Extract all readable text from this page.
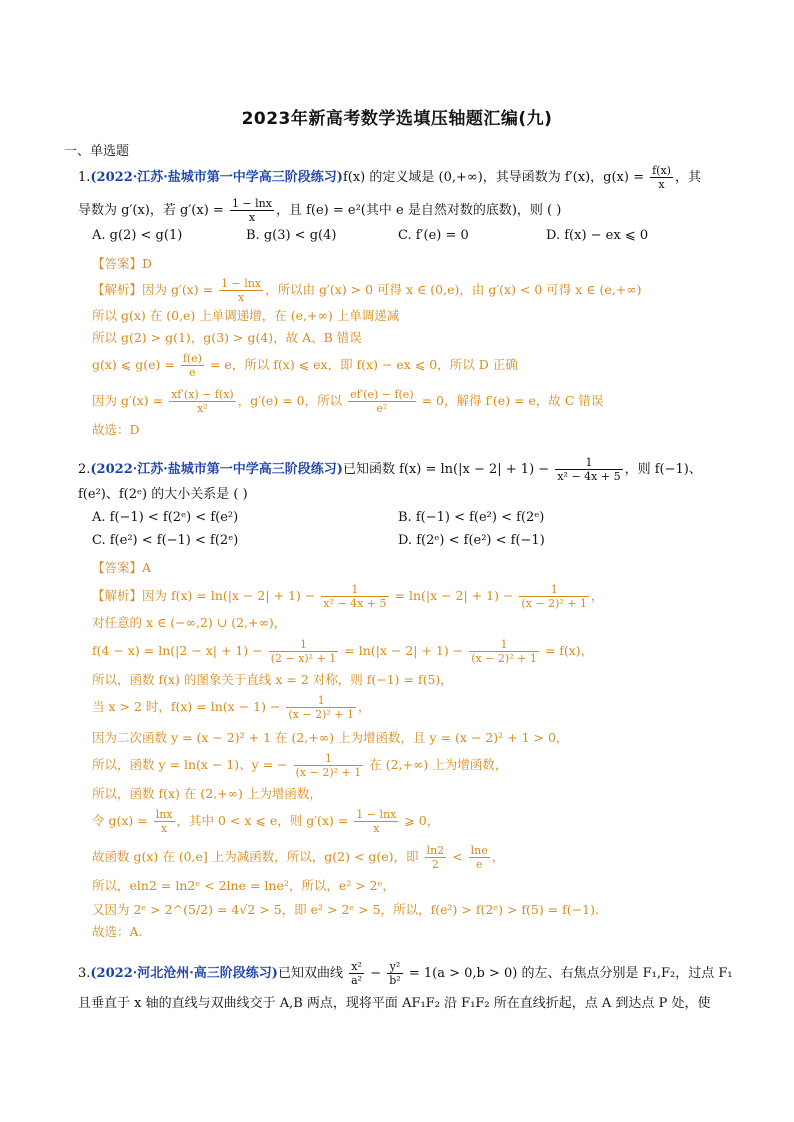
2023年新高考数学选填压轴题汇编(九)
一、单选题
1.(2022·江苏·盐城市第一中学高三阶段练习)f(x) 的定义域是 (0,+∞)，其导函数为 f′(x)，$g(x) = \frac{f(x)}{x}$ ，其
导数为 g′(x)，若 $g'(x) = \frac{1 - \ln x}{x}$ ，且 f(e) = e²(其中 e 是自然对数的底数)，则 ( )
A. g(2) < g(1)	B. g(3) < g(4)	C. f′(e) = 0	D. f(x) − ex ⩽ 0
【答案】D
【解析】因为 $g'(x) = \frac{1 - \ln x}{x}$ ，所以由 g′(x) > 0 可得 x ∈ (0,e)，由 g′(x) < 0 可得 x ∈ (e,+∞)
所以 g(x) 在 (0,e) 上单调递增，在 (e,+∞) 上单调递减
所以 g(2) > g(1)，g(3) > g(4)，故 A、B 错误
g(x) ⩽ $g(e) = \frac{f(e)}{e} = e$，所以 f(x) ⩽ ex，即 f(x) − ex ⩽ 0，所以 D 正确
因为 $g'(x) = \frac{xf'(x) - f(x)}{\text{x²}}$ ，g′(e) = 0，所以 $\frac{ef'(e) - f(e)}{\text{e²}} = 0$，解得 f′(e) = e，故 C 错误
故选：D
2.(2022·江苏·盐城市第一中学高三阶段练习)已知函数 $f(x) = \ln(|x - 2| + 1) - \frac{1}{\text{x² − 4x + 5}}$ ，则 f(−1)、
f(e²)、f(2ᵉ) 的大小关系是 ( )
A. f(−1) < f(2ᵉ) < f(e²)	B. f(−1) < f(e²) < f(2ᵉ)
C. f(e²) < f(−1) < f(2ᵉ)	D. f(2ᵉ) < f(e²) < f(−1)
【答案】A
【解析】因为 $f(x) = \ln(|x - 2| + 1) - \frac{1}{\text{x² − 4x + 5}} = \ln(|x - 2| + 1) - \frac{1}{\text{(x − 2)² + 1}}$ ，
对任意的 x ∈ (−∞,2) ∪ (2,+∞)，
$f(4 - x) = \ln(|2 - x| + 1) - \frac{1}{\text{(2 − x)² + 1}} = \ln(|x - 2| + 1) - \frac{1}{\text{(x − 2)² + 1}} = f(x)$，
所以，函数 f(x) 的图象关于直线 x = 2 对称，则 f(−1) = f(5)，
当 x > 2 时，$f(x) = \ln(x - 1) - \frac{1}{\text{(x − 2)² + 1}}$ ，
因为二次函数 y = (x − 2)² + 1 在 (2,+∞) 上为增函数，且 y = (x − 2)² + 1 > 0，
所以，函数 y = ln(x − 1)、y = − $\frac{1}{\text{(x − 2)² + 1}}$ 在 (2,+∞) 上为增函数，
所以，函数 f(x) 在 (2,+∞) 上为增函数，
令 $g(x) = \frac{\ln x}{x}$ ，其中 0 < x ⩽ e，则 $g'(x) = \frac{1 - \ln x}{x}$ ⩾ 0，
故函数 g(x) 在 (0,e] 上为减函数，所以，g(2) < g(e)，即 $\frac{\ln 2}{2} < \frac{\ln e}{e}$ ，
所以，eln2 = ln2ᵉ < 2lne = lne²，所以，e² > 2ᵉ，
又因为 2ᵉ > 2^(5/2) = 4√2 > 5，即 e² > 2ᵉ > 5，所以，f(e²) > f(2ᵉ) > f(5) = f(−1).
故选：A.
3.(2022·河北沧州·高三阶段练习)已知双曲线 $\frac{\text{x²}}{\text{a²}} - \frac{\text{y²}}{\text{b²}} = 1(a > 0,b > 0)$ 的左、右焦点分别是 F₁,F₂，过点 F₁
且垂直于 x 轴的直线与双曲线交于 A,B 两点，现将平面 AF₁F₂ 沿 F₁F₂ 所在直线折起，点 A 到达点 P 处，使
